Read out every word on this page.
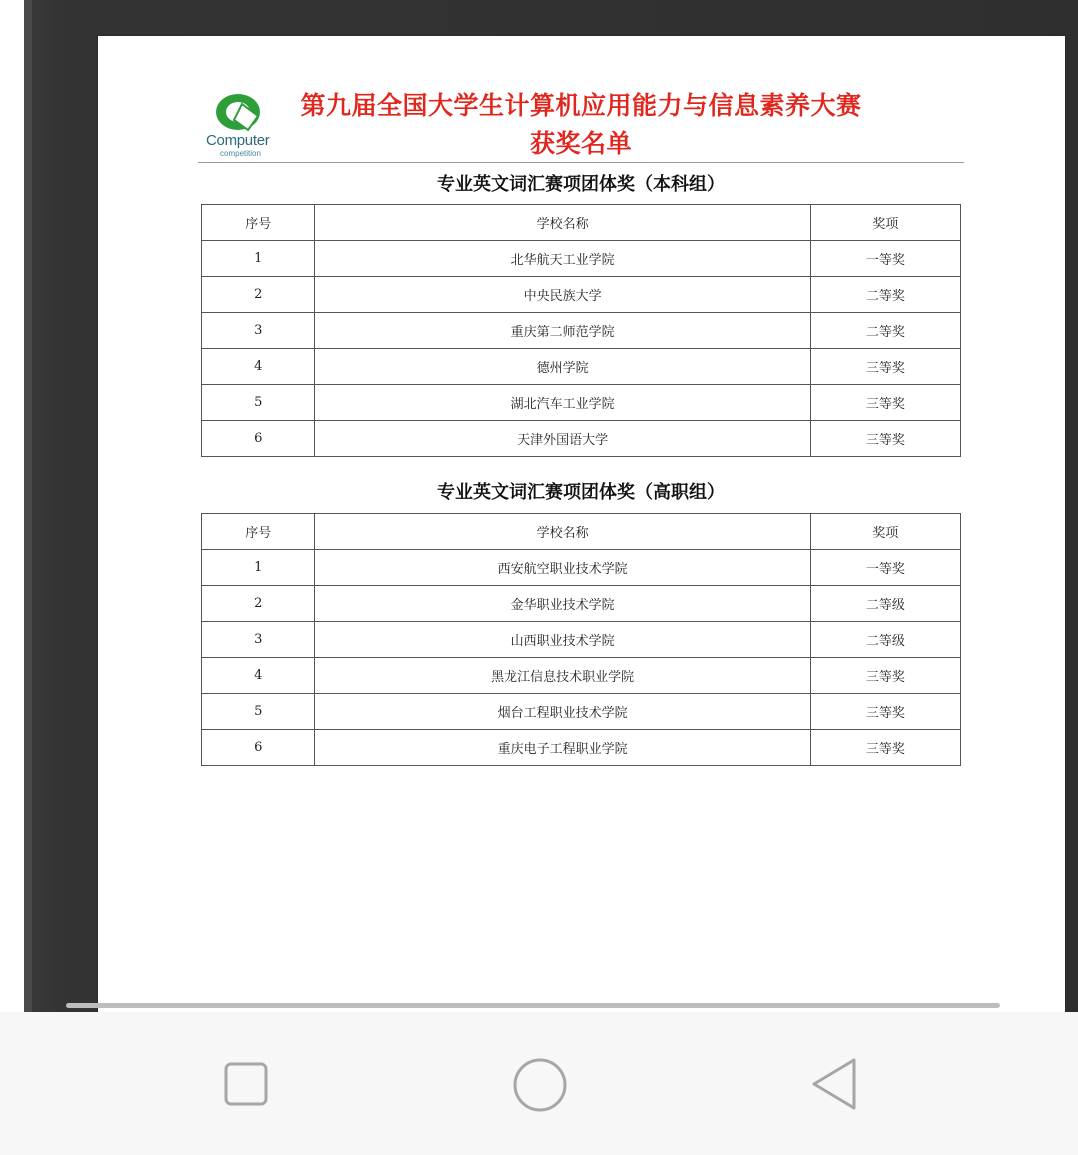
Computer
competition
第九届全国大学生计算机应用能力与信息素养大赛
获奖名单
专业英文词汇赛项团体奖（本科组）
序号	学校名称	奖项
1	北华航天工业学院	一等奖
2	中央民族大学	二等奖
3	重庆第二师范学院	二等奖
4	德州学院	三等奖
5	湖北汽车工业学院	三等奖
6	天津外国语大学	三等奖
专业英文词汇赛项团体奖（高职组）
序号	学校名称	奖项
1	西安航空职业技术学院	一等奖
2	金华职业技术学院	二等级
3	山西职业技术学院	二等级
4	黑龙江信息技术职业学院	三等奖
5	烟台工程职业技术学院	三等奖
6	重庆电子工程职业学院	三等奖
